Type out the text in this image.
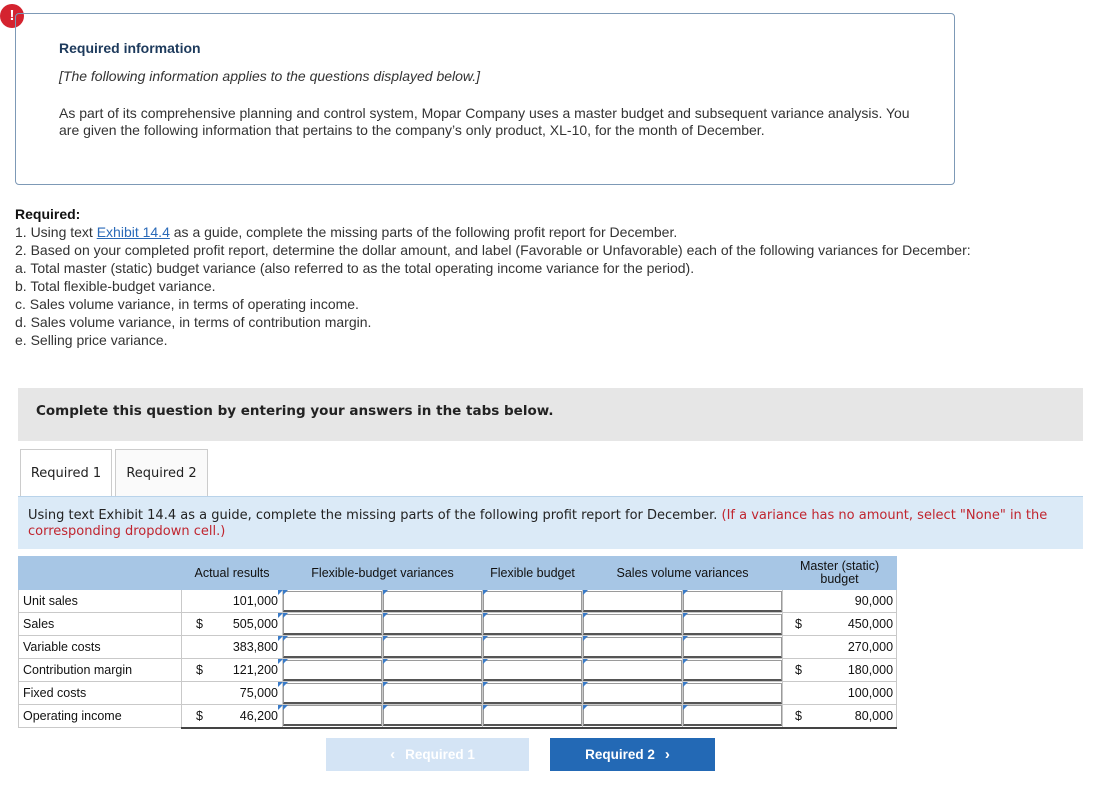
!
Required information
[The following information applies to the questions displayed below.]
As part of its comprehensive planning and control system, Mopar Company uses a master budget and subsequent variance analysis. You are given the following information that pertains to the company’s only product, XL-10, for the month of December.
Required:
1. Using text Exhibit 14.4 as a guide, complete the missing parts of the following profit report for December.
2. Based on your completed profit report, determine the dollar amount, and label (Favorable or Unfavorable) each of the following variances for December:
a. Total master (static) budget variance (also referred to as the total operating income variance for the period).
b. Total flexible-budget variance.
c. Sales volume variance, in terms of operating income.
d. Sales volume variance, in terms of contribution margin.
e. Selling price variance.
Complete this question by entering your answers in the tabs below.
Required 1	Required 2
Using text Exhibit 14.4 as a guide, complete the missing parts of the following profit report for December. (If a variance has no amount, select "None" in the corresponding dropdown cell.)
	Actual results	Flexible-budget variances		Flexible budget	Sales volume variances		Master (static) budget
Unit sales	101,000						90,000
Sales	$ 505,000						$ 450,000
Variable costs	383,800						270,000
Contribution margin	$ 121,200						$ 180,000
Fixed costs	75,000						100,000
Operating income	$ 46,200						$ 80,000
‹ Required 1	Required 2 ›
